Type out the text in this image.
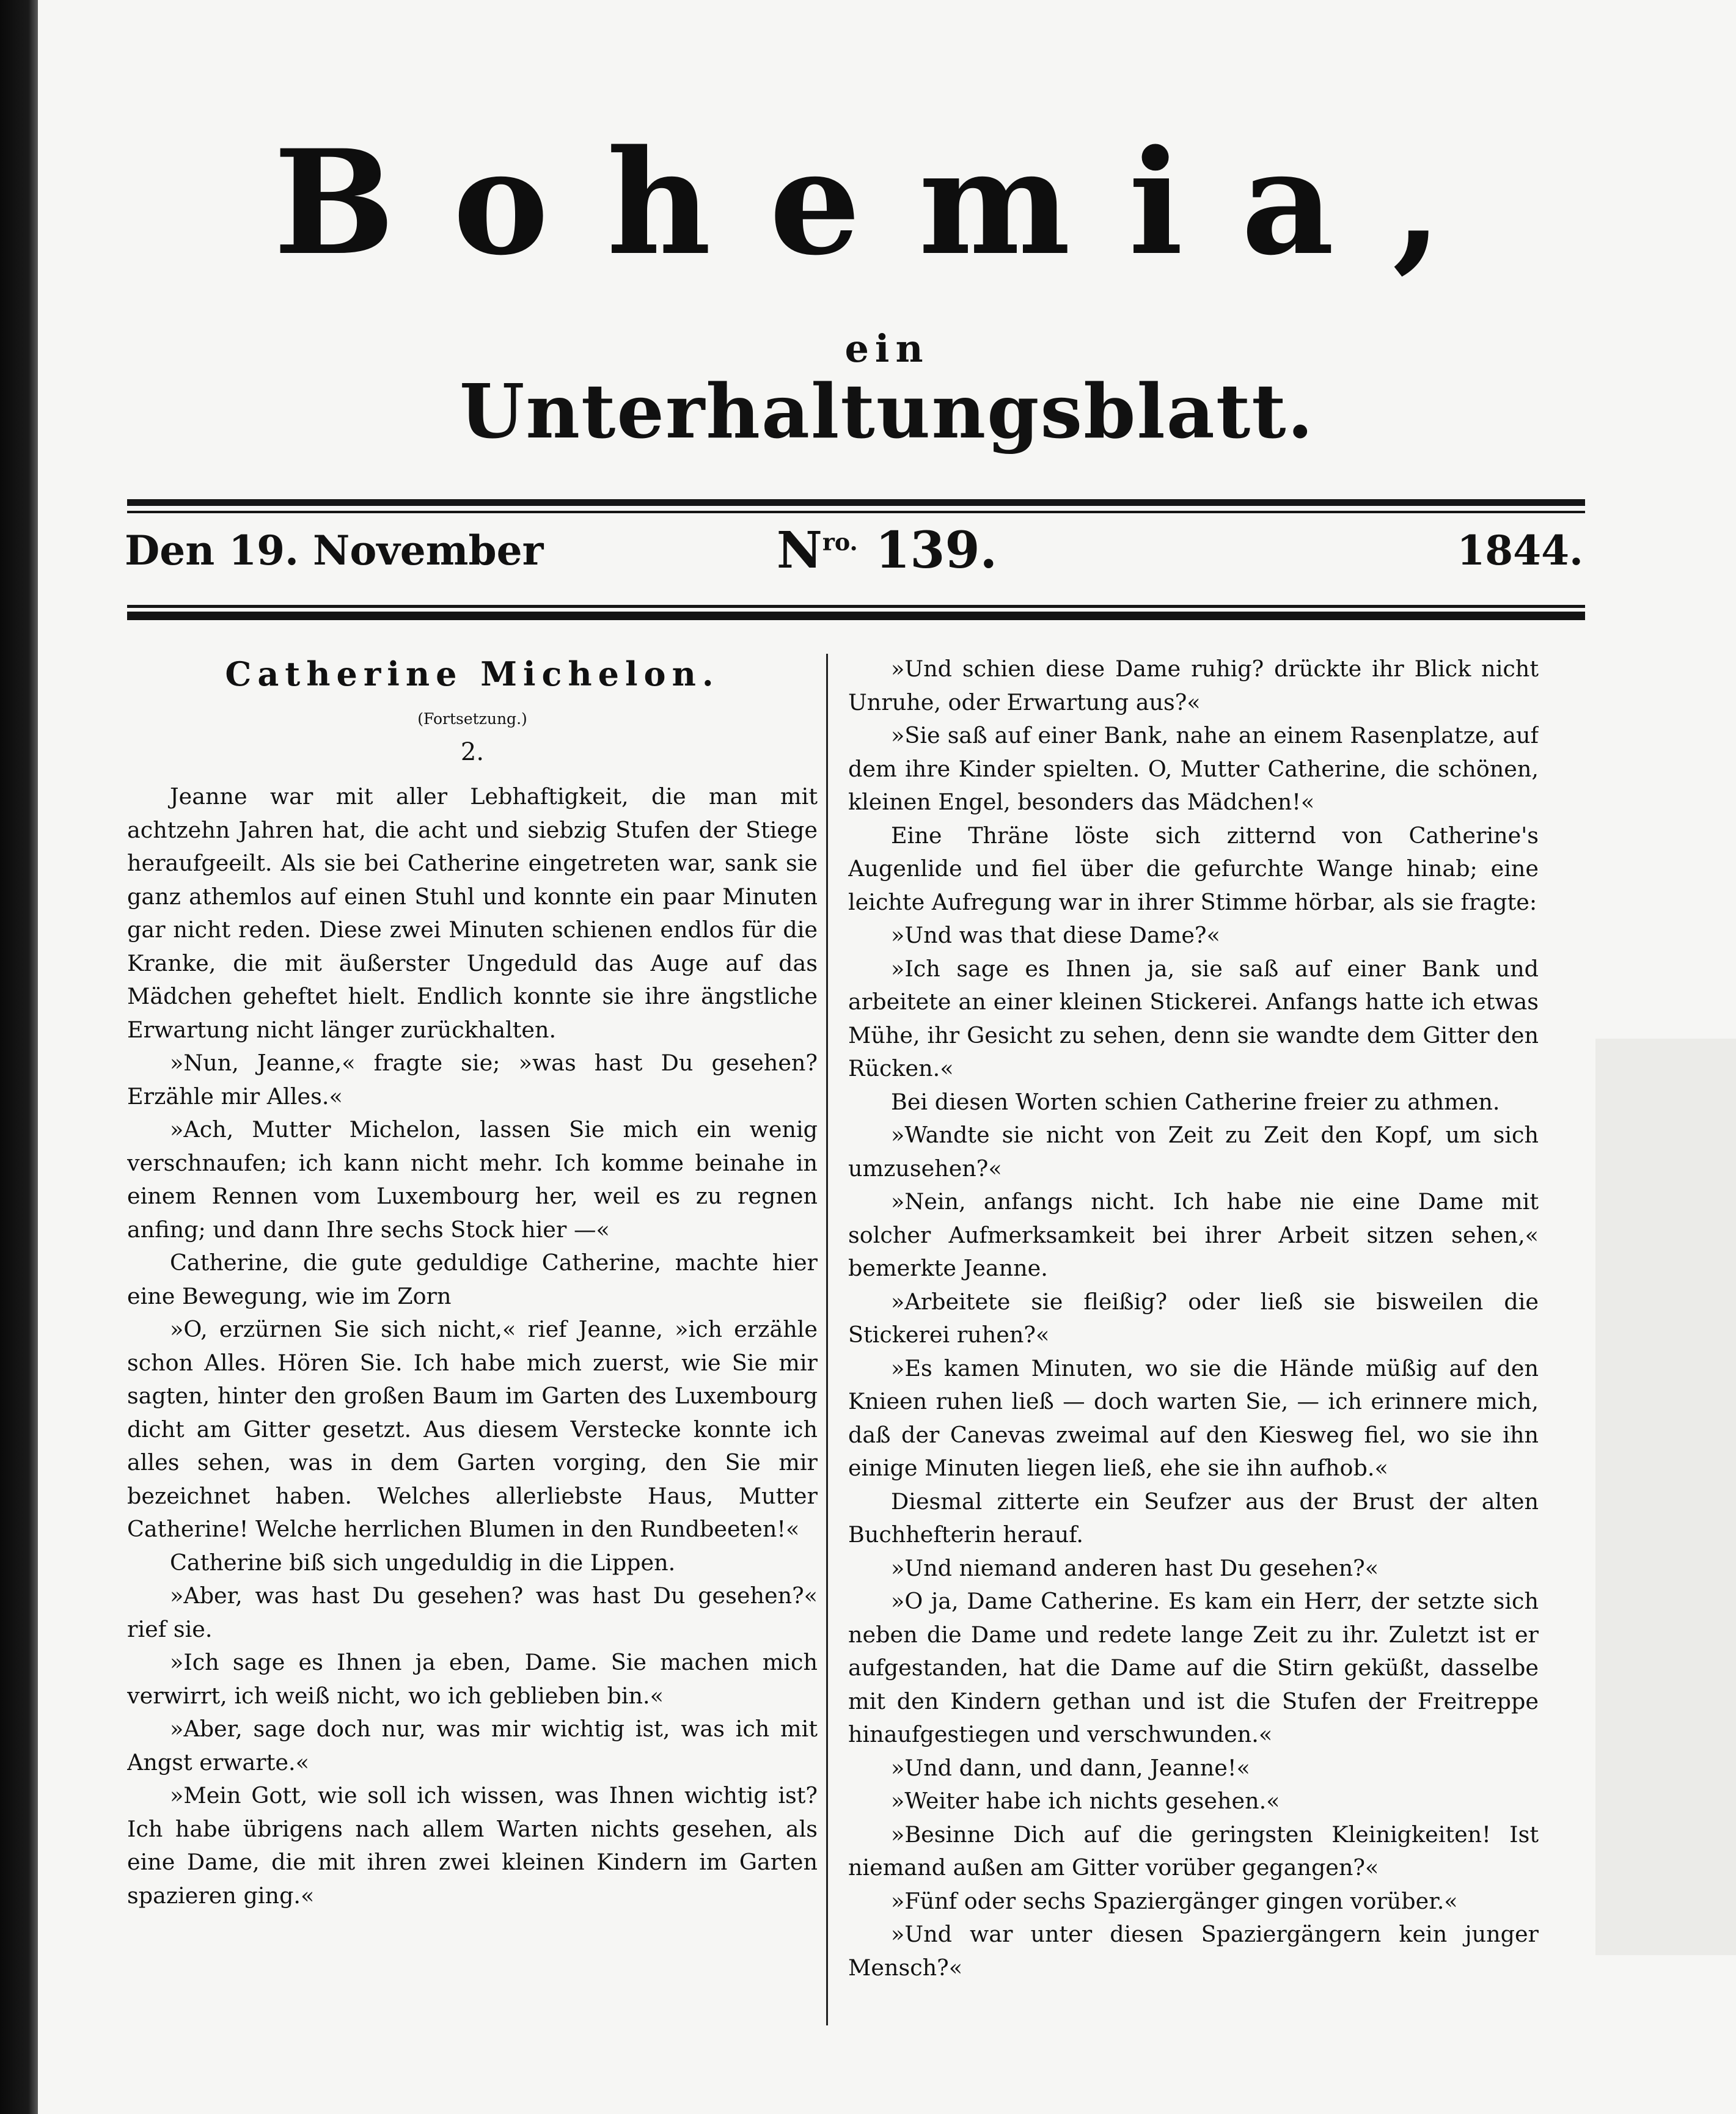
Bohemia,
ein
Unterhaltungsblatt.
Den 19. November	$N^{ro.}$ 139.	1844.
Catherine Michelon.
(Fortsetzung.)
2.

Jeanne war mit aller Lebhaftigkeit, die man mit achtzehn Jahren hat, die acht und siebzig Stufen der Stiege heraufgeeilt. Als sie bei Catherine eingetreten war, sank sie ganz athemlos auf einen Stuhl und konnte ein paar Minuten gar nicht reden. Diese zwei Minuten schienen endlos für die Kranke, die mit äußerster Ungeduld das Auge auf das Mädchen geheftet hielt. Endlich konnte sie ihre ängstliche Erwartung nicht länger zurückhalten.

»Nun, Jeanne,« fragte sie; »was hast Du gesehen? Erzähle mir Alles.«

»Ach, Mutter Michelon, lassen Sie mich ein wenig verschnaufen; ich kann nicht mehr. Ich komme beinahe in einem Rennen vom Luxembourg her, weil es zu regnen anfing; und dann Ihre sechs Stock hier —«

Catherine, die gute geduldige Catherine, machte hier eine Bewegung, wie im Zorn

»O, erzürnen Sie sich nicht,« rief Jeanne, »ich erzähle schon Alles. Hören Sie. Ich habe mich zuerst, wie Sie mir sagten, hinter den großen Baum im Garten des Luxembourg dicht am Gitter gesetzt. Aus diesem Verstecke konnte ich alles sehen, was in dem Garten vorging, den Sie mir bezeichnet haben. Welches allerliebste Haus, Mutter Catherine! Welche herrlichen Blumen in den Rundbeeten!«

Catherine biß sich ungeduldig in die Lippen.

»Aber, was hast Du gesehen? was hast Du gesehen?« rief sie.

»Ich sage es Ihnen ja eben, Dame. Sie machen mich verwirrt, ich weiß nicht, wo ich geblieben bin.«

»Aber, sage doch nur, was mir wichtig ist, was ich mit Angst erwarte.«

»Mein Gott, wie soll ich wissen, was Ihnen wichtig ist? Ich habe übrigens nach allem Warten nichts gesehen, als eine Dame, die mit ihren zwei kleinen Kindern im Garten spazieren ging.«

»Und schien diese Dame ruhig? drückte ihr Blick nicht Unruhe, oder Erwartung aus?«

»Sie saß auf einer Bank, nahe an einem Rasenplatze, auf dem ihre Kinder spielten. O, Mutter Catherine, die schönen, kleinen Engel, besonders das Mädchen!«

Eine Thräne löste sich zitternd von Catherine's Augenlide und fiel über die gefurchte Wange hinab; eine leichte Aufregung war in ihrer Stimme hörbar, als sie fragte:

»Und was that diese Dame?«

»Ich sage es Ihnen ja, sie saß auf einer Bank und arbeitete an einer kleinen Stickerei. Anfangs hatte ich etwas Mühe, ihr Gesicht zu sehen, denn sie wandte dem Gitter den Rücken.«

Bei diesen Worten schien Catherine freier zu athmen.

»Wandte sie nicht von Zeit zu Zeit den Kopf, um sich umzusehen?«

»Nein, anfangs nicht. Ich habe nie eine Dame mit solcher Aufmerksamkeit bei ihrer Arbeit sitzen sehen,« bemerkte Jeanne.

»Arbeitete sie fleißig? oder ließ sie bisweilen die Stickerei ruhen?«

»Es kamen Minuten, wo sie die Hände müßig auf den Knieen ruhen ließ — doch warten Sie, — ich erinnere mich, daß der Canevas zweimal auf den Kiesweg fiel, wo sie ihn einige Minuten liegen ließ, ehe sie ihn aufhob.«

Diesmal zitterte ein Seufzer aus der Brust der alten Buchhefterin herauf.

»Und niemand anderen hast Du gesehen?«

»O ja, Dame Catherine. Es kam ein Herr, der setzte sich neben die Dame und redete lange Zeit zu ihr. Zuletzt ist er aufgestanden, hat die Dame auf die Stirn geküßt, dasselbe mit den Kindern gethan und ist die Stufen der Freitreppe hinaufgestiegen und verschwunden.«

»Und dann, und dann, Jeanne!«

»Weiter habe ich nichts gesehen.«

»Besinne Dich auf die geringsten Kleinigkeiten! Ist niemand außen am Gitter vorüber gegangen?«

»Fünf oder sechs Spaziergänger gingen vorüber.«

»Und war unter diesen Spaziergängern kein junger Mensch?«
